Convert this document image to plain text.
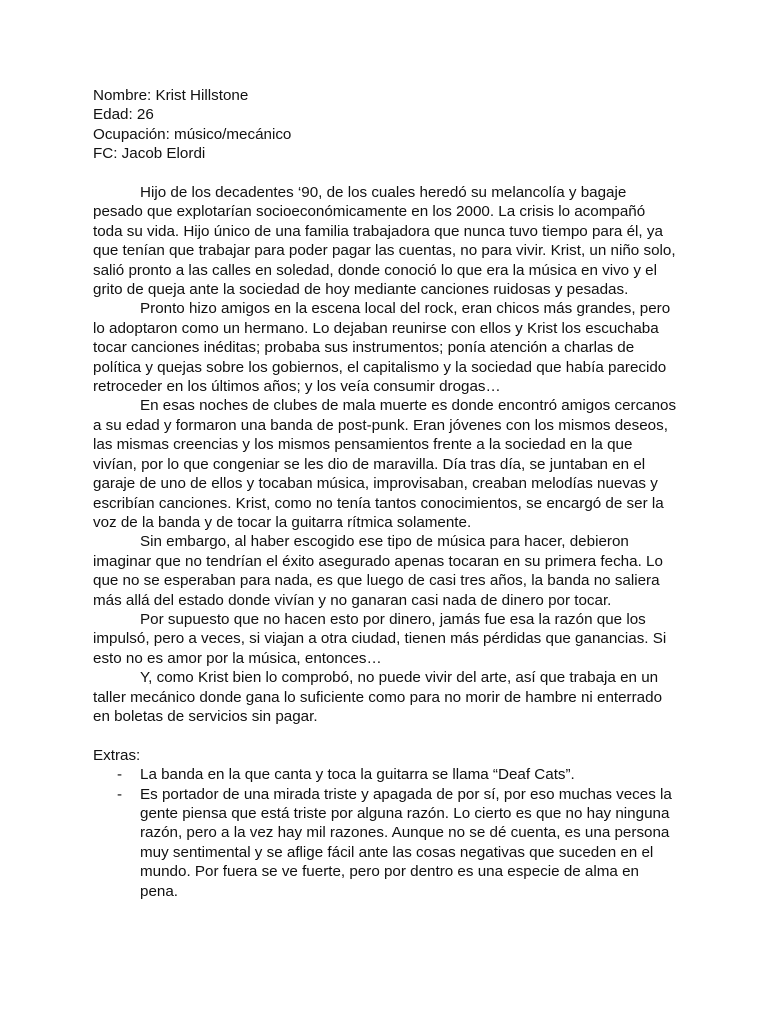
Nombre: Krist Hillstone

Edad: 26

Ocupación: músico/mecánico

FC: Jacob Elordi

Hijo de los decadentes ‘90, de los cuales heredó su melancolía y bagaje pesado que explotarían socioeconómicamente en los 2000. La crisis lo acompañó toda su vida. Hijo único de una familia trabajadora que nunca tuvo tiempo para él, ya que tenían que trabajar para poder pagar las cuentas, no para vivir. Krist, un niño solo, salió pronto a las calles en soledad, donde conoció lo que era la música en vivo y el grito de queja ante la sociedad de hoy mediante canciones ruidosas y pesadas.

Pronto hizo amigos en la escena local del rock, eran chicos más grandes, pero lo adoptaron como un hermano. Lo dejaban reunirse con ellos y Krist los escuchaba tocar canciones inéditas; probaba sus instrumentos; ponía atención a charlas de política y quejas sobre los gobiernos, el capitalismo y la sociedad que había parecido retroceder en los últimos años; y los veía consumir drogas…

En esas noches de clubes de mala muerte es donde encontró amigos cercanos a su edad y formaron una banda de post-punk. Eran jóvenes con los mismos deseos, las mismas creencias y los mismos pensamientos frente a la sociedad en la que vivían, por lo que congeniar se les dio de maravilla. Día tras día, se juntaban en el garaje de uno de ellos y tocaban música, improvisaban, creaban melodías nuevas y escribían canciones. Krist, como no tenía tantos conocimientos, se encargó de ser la voz de la banda y de tocar la guitarra rítmica solamente.

Sin embargo, al haber escogido ese tipo de música para hacer, debieron imaginar que no tendrían el éxito asegurado apenas tocaran en su primera fecha. Lo que no se esperaban para nada, es que luego de casi tres años, la banda no saliera más allá del estado donde vivían y no ganaran casi nada de dinero por tocar.

Por supuesto que no hacen esto por dinero, jamás fue esa la razón que los impulsó, pero a veces, si viajan a otra ciudad, tienen más pérdidas que ganancias. Si esto no es amor por la música, entonces…

Y, como Krist bien lo comprobó, no puede vivir del arte, así que trabaja en un taller mecánico donde gana lo suficiente como para no morir de hambre ni enterrado en boletas de servicios sin pagar.

Extras:

- La banda en la que canta y toca la guitarra se llama “Deaf Cats”.
- Es portador de una mirada triste y apagada de por sí, por eso muchas veces la gente piensa que está triste por alguna razón. Lo cierto es que no hay ninguna razón, pero a la vez hay mil razones. Aunque no se dé cuenta, es una persona muy sentimental y se aflige fácil ante las cosas negativas que suceden en el mundo. Por fuera se ve fuerte, pero por dentro es una especie de alma en pena.
